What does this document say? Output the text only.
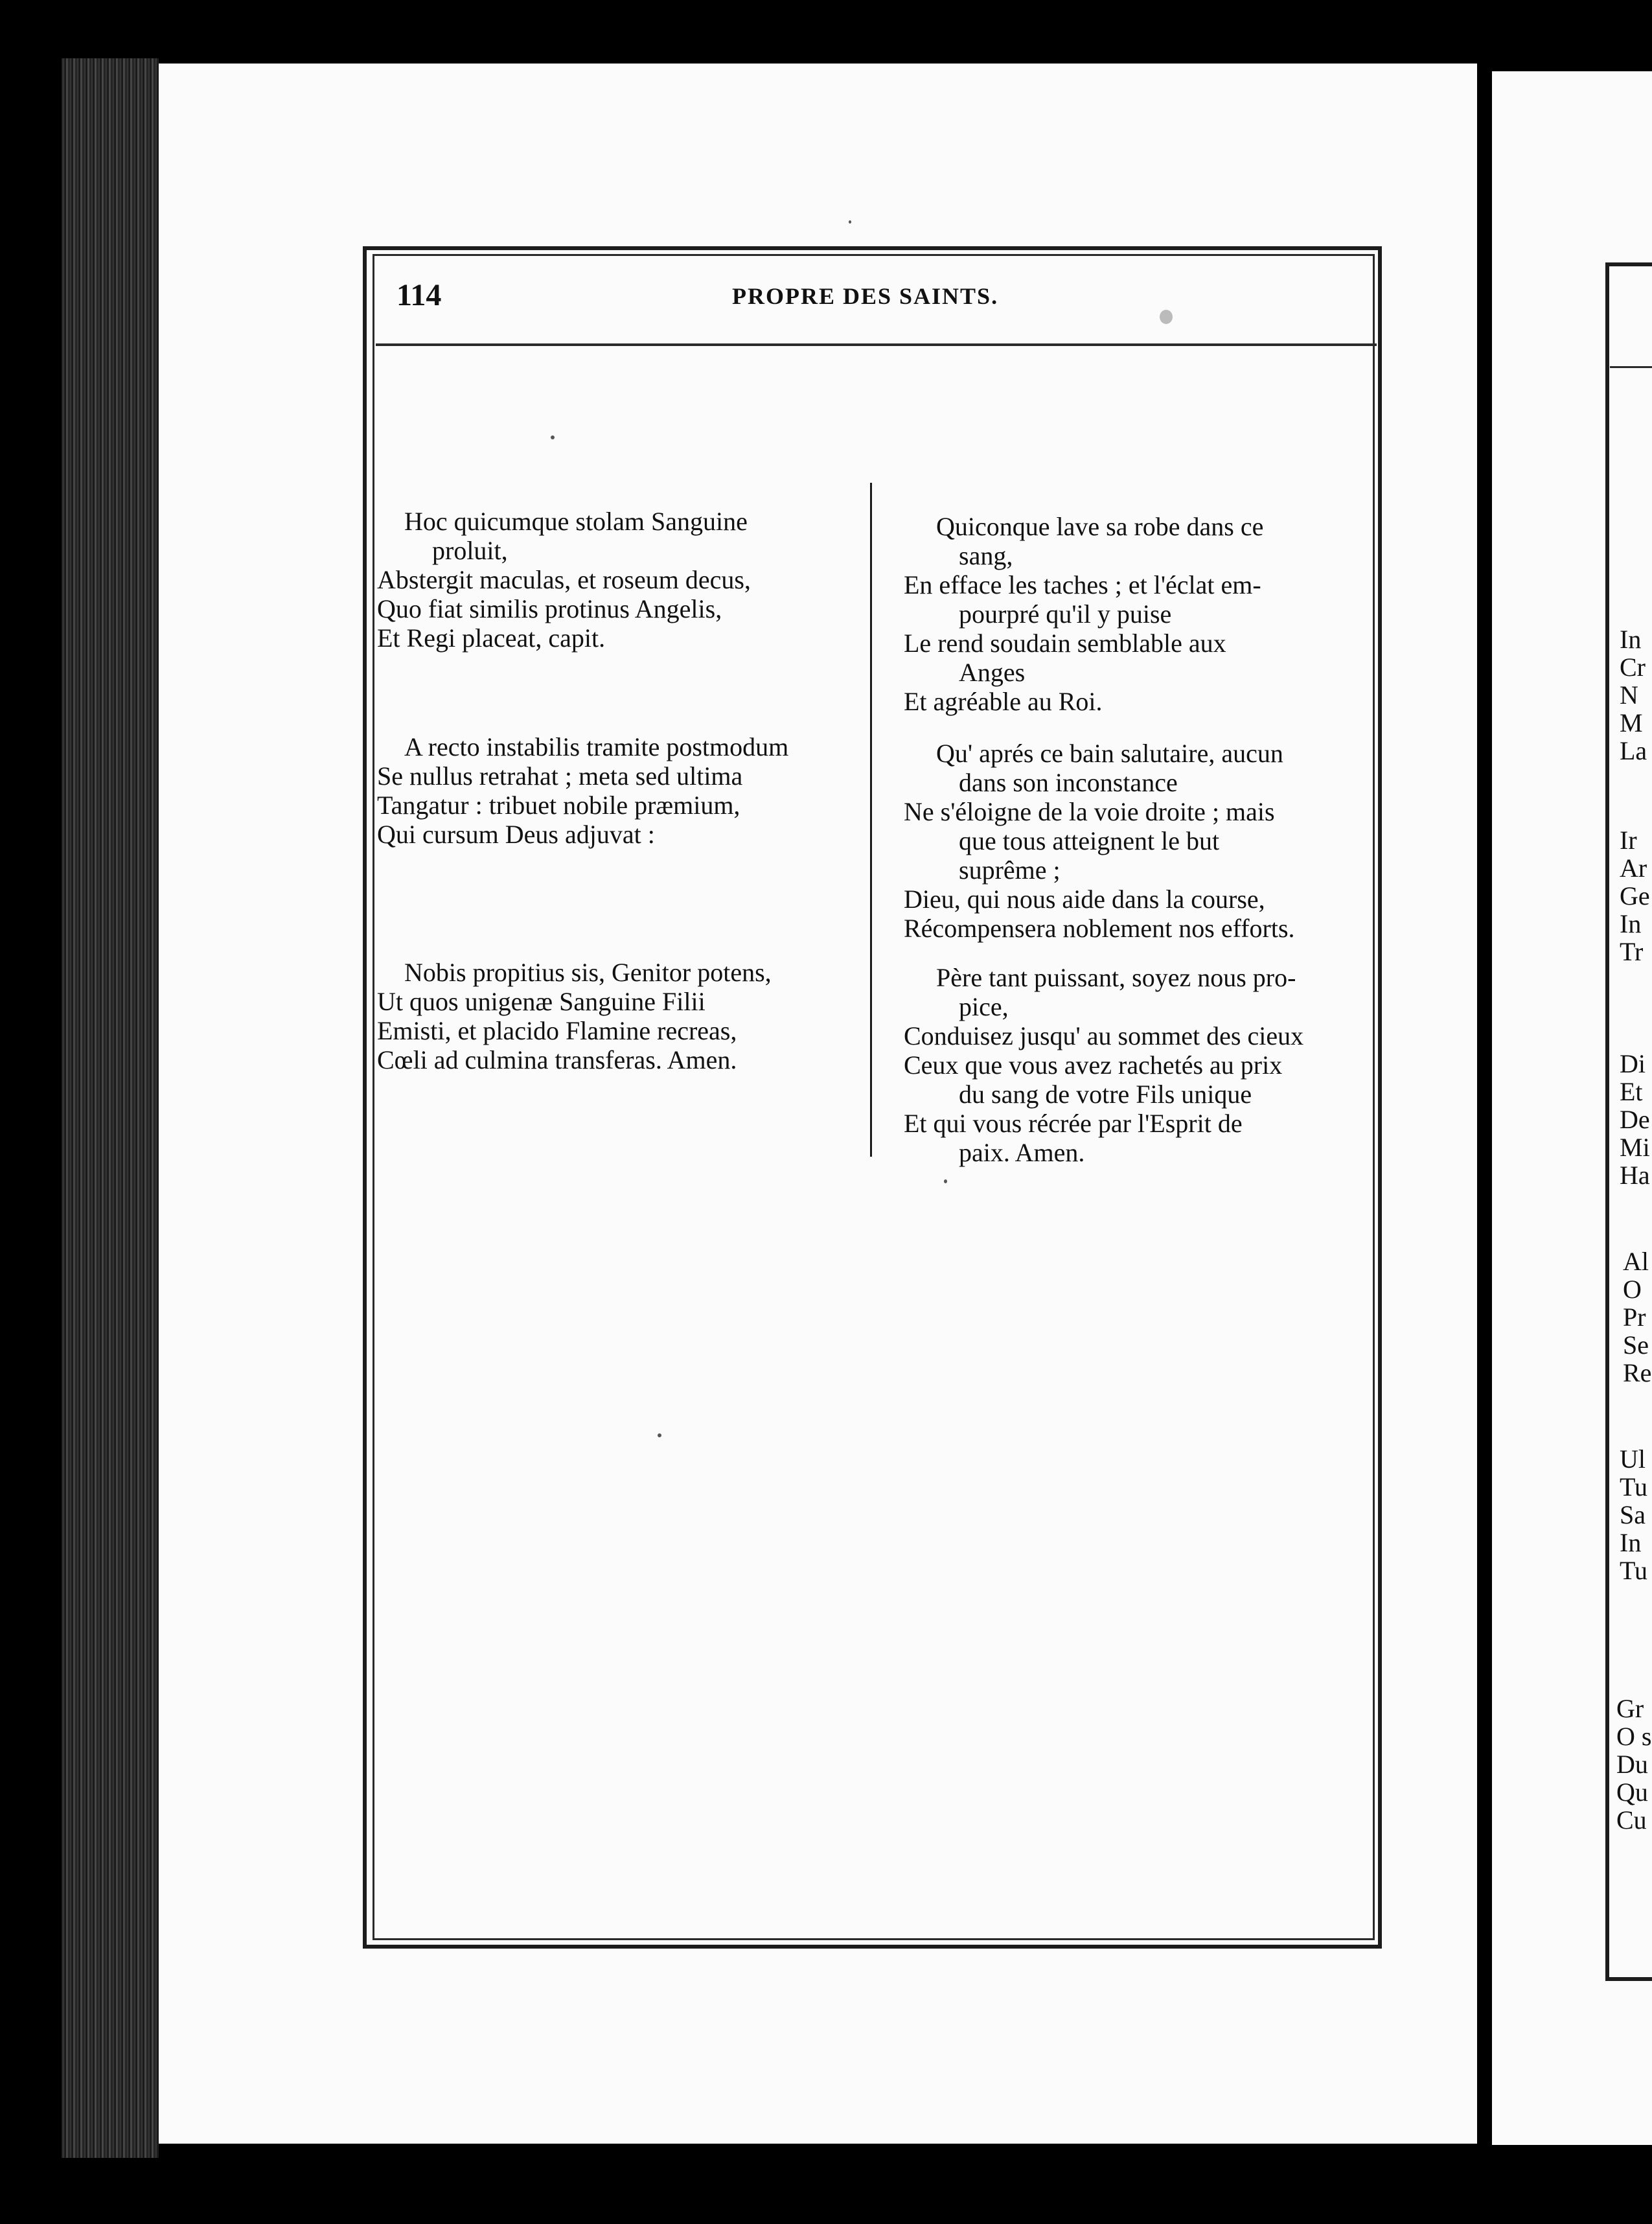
114	PROPRE DES SAINTS.
Hoc quicumque stolam Sanguine
proluit,
Abstergit maculas, et roseum decus,
Quo fiat similis protinus Angelis,
Et Regi placeat, capit.
A recto instabilis tramite postmodum
Se nullus retrahat ; meta sed ultima
Tangatur : tribuet nobile præmium,
Qui cursum Deus adjuvat :
Nobis propitius sis, Genitor potens,
Ut quos unigenæ Sanguine Filii
Emisti, et placido Flamine recreas,
Cœli ad culmina transferas. Amen.
Quiconque lave sa robe dans ce
sang,
En efface les taches ; et l'éclat em-
pourpré qu'il y puise
Le rend soudain semblable aux
Anges
Et agréable au Roi.
Qu' aprés ce bain salutaire, aucun
dans son inconstance
Ne s'éloigne de la voie droite ; mais
que tous atteignent le but
suprême ;
Dieu, qui nous aide dans la course,
Récompensera noblement nos efforts.
Père tant puissant, soyez nous pro-
pice,
Conduisez jusqu' au sommet des cieux
Ceux que vous avez rachetés au prix
du sang de votre Fils unique
Et qui vous récrée par l'Esprit de
paix. Amen.
In
Cr
N
M
La
Ir
Ar
Ge
In
Tr
Di
Et
De
Mi
Ha
Al
O
Pr
Se
Re
Ul
Tu
Sa
In
Tu
Gr
O s
Du
Qu
Cu
